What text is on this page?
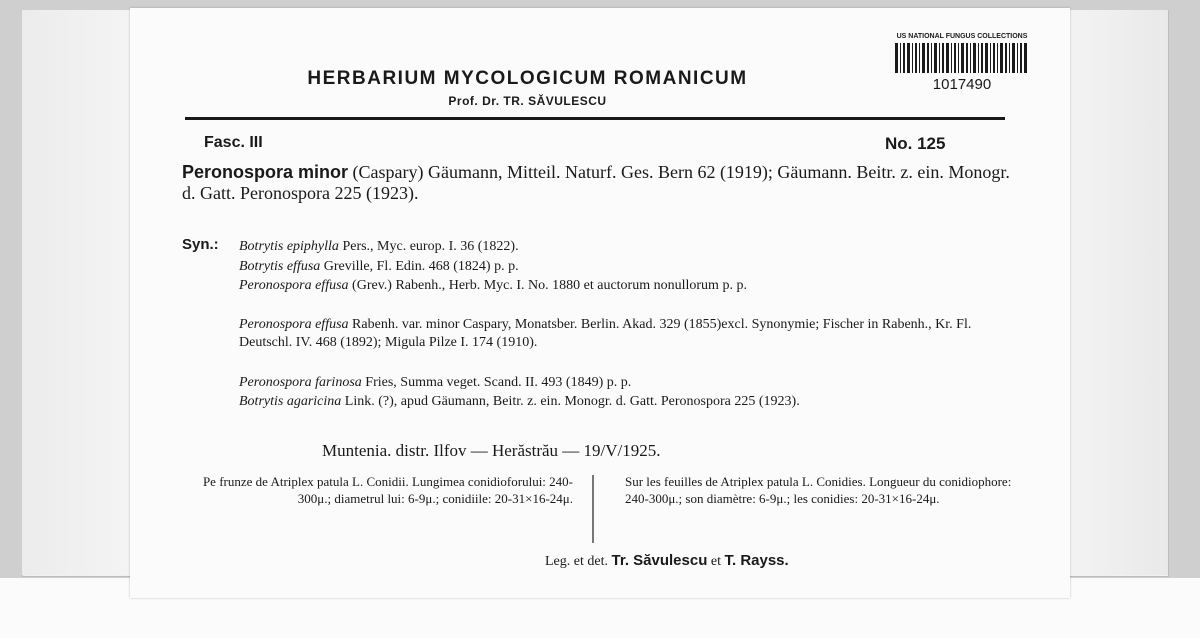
US NATIONAL FUNGUS COLLECTIONS
1017490
HERBARIUM MYCOLOGICUM ROMANICUM
Prof. Dr. TR. SĂVULESCU
Fasc. III	No. 125
Peronospora minor (Caspary) Gäumann, Mitteil. Naturf. Ges. Bern 62 (1919); Gäumann. Beitr. z. ein. Monogr. d. Gatt. Peronospora 225 (1923).
Syn.: Botrytis epiphylla Pers., Myc. europ. I. 36 (1822).
Botrytis effusa Greville, Fl. Edin. 468 (1824) p. p.
Peronospora effusa (Grev.) Rabenh., Herb. Myc. I. No. 1880 et auctorum nonullorum p. p.
Peronospora effusa Rabenh. var. minor Caspary, Monatsber. Berlin. Akad. 329 (1855)excl. Synonymie; Fischer in Rabenh., Kr. Fl. Deutschl. IV. 468 (1892); Migula Pilze I. 174 (1910).
Peronospora farinosa Fries, Summa veget. Scand. II. 493 (1849) p. p.
Botrytis agaricina Link. (?), apud Gäumann, Beitr. z. ein. Monogr. d. Gatt. Peronospora 225 (1923).
Muntenia. distr. Ilfov — Herăstrău — 19/V/1925.
Pe frunze de Atriplex patula L. Conidii. Lungimea conidioforului: 240-300μ.; diametrul lui: 6-9μ.; conidiile: 20-31×16-24μ.
Sur les feuilles de Atriplex patula L. Conidies. Longueur du conidiophore: 240-300μ.; son diamètre: 6-9μ.; les conidies: 20-31×16-24μ.
Leg. et det. Tr. Săvulescu et T. Rayss.
